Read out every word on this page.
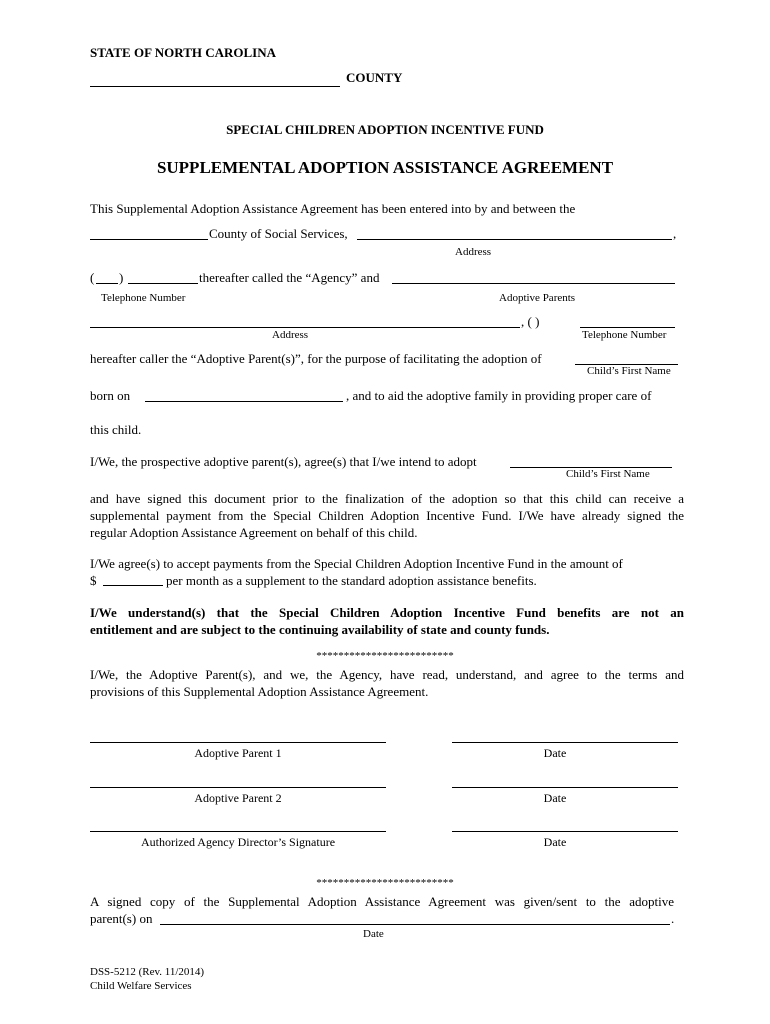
STATE OF NORTH CAROLINA
COUNTY
SPECIAL CHILDREN ADOPTION INCENTIVE FUND
SUPPLEMENTAL ADOPTION ASSISTANCE AGREEMENT
This Supplemental Adoption Assistance Agreement has been entered into by and between the
County of Social Services,	,
Address
( )	thereafter called the “Agency” and
Telephone Number	Adoptive Parents
, ( )
Address	Telephone Number
hereafter caller the “Adoptive Parent(s)”, for the purpose of facilitating the adoption of
Child’s First Name
born on	, and to aid the adoptive family in providing proper care of
this child.
I/We, the prospective adoptive parent(s), agree(s) that I/we intend to adopt
Child’s First Name
and have signed this document prior to the finalization of the adoption so that this child can receive a
supplemental payment from the Special Children Adoption Incentive Fund. I/We have already signed the
regular Adoption Assistance Agreement on behalf of this child.
I/We agree(s) to accept payments from the Special Children Adoption Incentive Fund in the amount of
$	per month as a supplement to the standard adoption assistance benefits.
I/We understand(s) that the Special Children Adoption Incentive Fund benefits are not an
entitlement and are subject to the continuing availability of state and county funds.
*************************
I/We, the Adoptive Parent(s), and we, the Agency, have read, understand, and agree to the terms and
provisions of this Supplemental Adoption Assistance Agreement.
Adoptive Parent 1	Date
Adoptive Parent 2	Date
Authorized Agency Director’s Signature	Date
*************************
A signed copy of the Supplemental Adoption Assistance Agreement was given/sent to the adoptive
parent(s) on	.
Date
DSS-5212 (Rev. 11/2014)
Child Welfare Services
